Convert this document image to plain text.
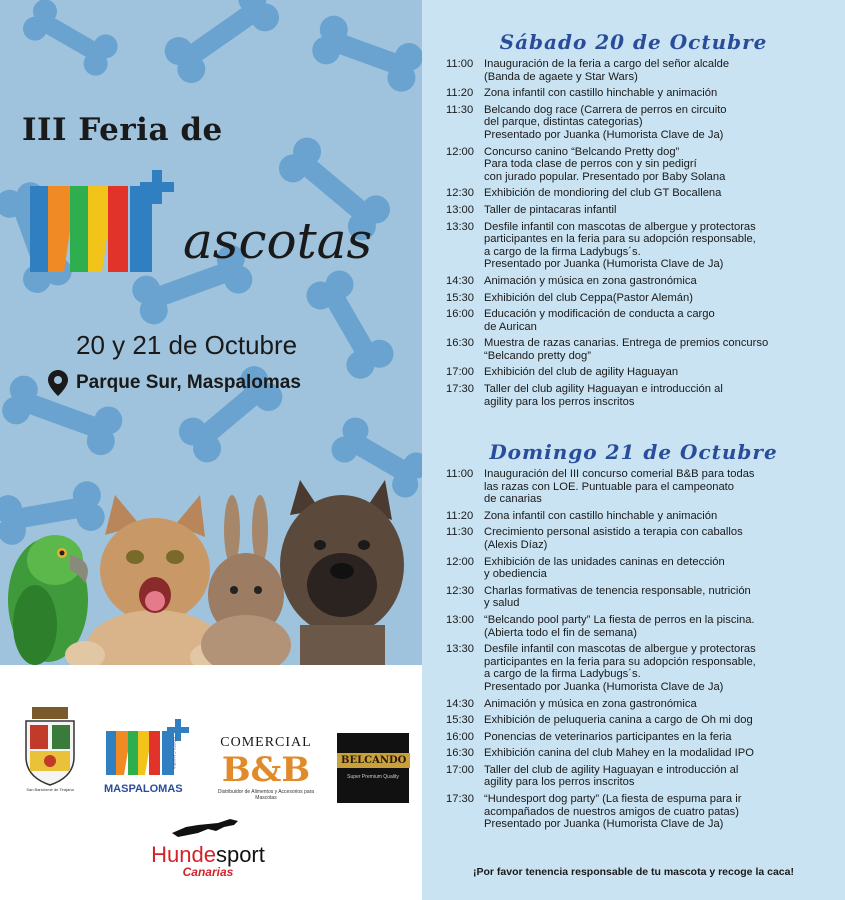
III Feria de
ascotas
20 y 21 de Octubre
Parque Sur, Maspalomas
San Bartolomé de Tirajana	MASPALOMAS
COSTA CANARIA	COMERCIAL
B&B
Distribuidor de Alimentos y Accesorios para Mascotas
BELCANDO
Super Premium Quality
Hundesport
Canarias
Sábado 20 de Octubre
11:00 Inauguración de la feria a cargo del señor alcalde
(Banda de agaete y Star Wars)
11:20 Zona infantil con castillo hinchable y animación
11:30 Belcando dog race (Carrera de perros en circuito
del parque, distintas categorias)
Presentado por Juanka (Humorista Clave de Ja)
12:00 Concurso canino “Belcando Pretty dog”
Para toda clase de perros con y sin pedigrí
con jurado popular. Presentado por Baby Solana
12:30 Exhibición de mondioring del club GT Bocallena
13:00 Taller de pintacaras infantil
13:30 Desfile infantil con mascotas de albergue y protectoras
participantes en la feria para su adopción responsable,
a cargo de la firma Ladybugs´s.
Presentado por Juanka (Humorista Clave de Ja)
14:30 Animación y música en zona gastronómica
15:30 Exhibición del club Ceppa(Pastor Alemán)
16:00 Educación y modificación de conducta a cargo
de Aurican
16:30 Muestra de razas canarias. Entrega de premios concurso
“Belcando pretty dog”
17:00 Exhibición del club de agility Haguayan
17:30 Taller del club agility Haguayan e introducción al
agility para los perros inscritos
Domingo 21 de Octubre
11:00 Inauguración del III concurso comerial B&B para todas
las razas con LOE. Puntuable para el campeonato
de canarias
11:20 Zona infantil con castillo hinchable y animación
11:30 Crecimiento personal asistido a terapia con caballos
(Alexis Díaz)
12:00 Exhibición de las unidades caninas en detección
y obediencia
12:30 Charlas formativas de tenencia responsable, nutrición
y salud
13:00 “Belcando pool party” La fiesta de perros en la piscina.
(Abierta todo el fin de semana)
13:30 Desfile infantil con mascotas de albergue y protectoras
participantes en la feria para su adopción responsable,
a cargo de la firma Ladybugs´s.
Presentado por Juanka (Humorista Clave de Ja)
14:30 Animación y música en zona gastronómica
15:30 Exhibición de peluqueria canina a cargo de Oh mi dog
16:00 Ponencias de veterinarios participantes en la feria
16:30 Exhibición canina del club Mahey en la modalidad IPO
17:00 Taller del club de agility Haguayan e introducción al
agility para los perros inscritos
17:30 “Hundesport dog party” (La fiesta de espuma para ir
acompañados de nuestros amigos de cuatro patas)
Presentado por Juanka (Humorista Clave de Ja)
¡Por favor tenencia responsable de tu mascota y recoge la caca!
